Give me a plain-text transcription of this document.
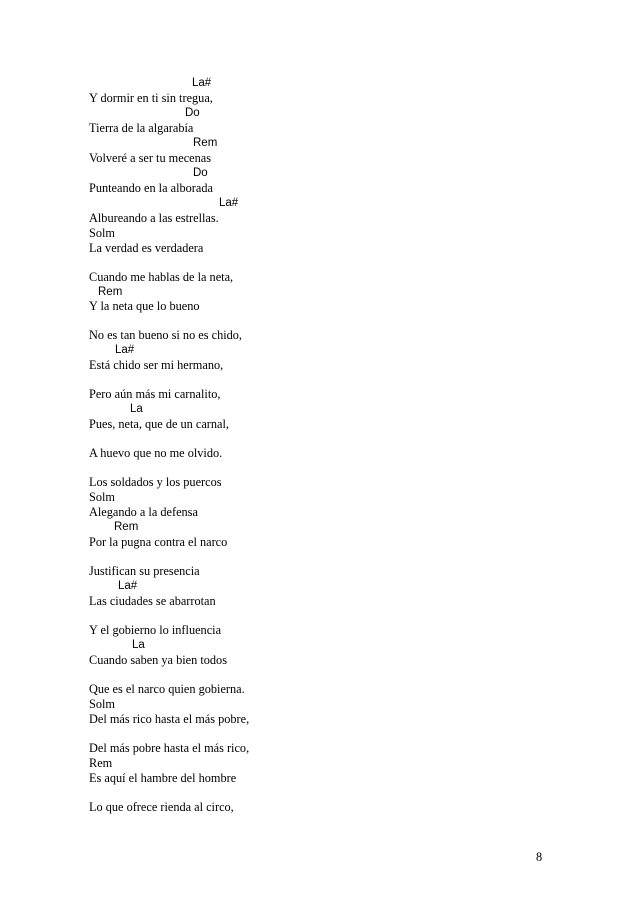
La#
Y dormir en ti sin tregua,
Do
Tierra de la algarabía
Rem
Volveré a ser tu mecenas
Do
Punteando en la alborada
La#
Albureando a las estrellas.
Solm
La verdad es verdadera
Cuando me hablas de la neta,
Rem
Y la neta que lo bueno
No es tan bueno si no es chido,
La#
Está chido ser mi hermano,
Pero aún más mi carnalito,
La
Pues, neta, que de un carnal,
A huevo que no me olvido.
Los soldados y los puercos
Solm
Alegando a la defensa
Rem
Por la pugna contra el narco
Justifican su presencia
La#
Las ciudades se abarrotan
Y el gobierno lo influencia
La
Cuando saben ya bien todos
Que es el narco quien gobierna.
Solm
Del más rico hasta el más pobre,
Del más pobre hasta el más rico,
Rem
Es aquí el hambre del hombre
Lo que ofrece rienda al circo,
8
